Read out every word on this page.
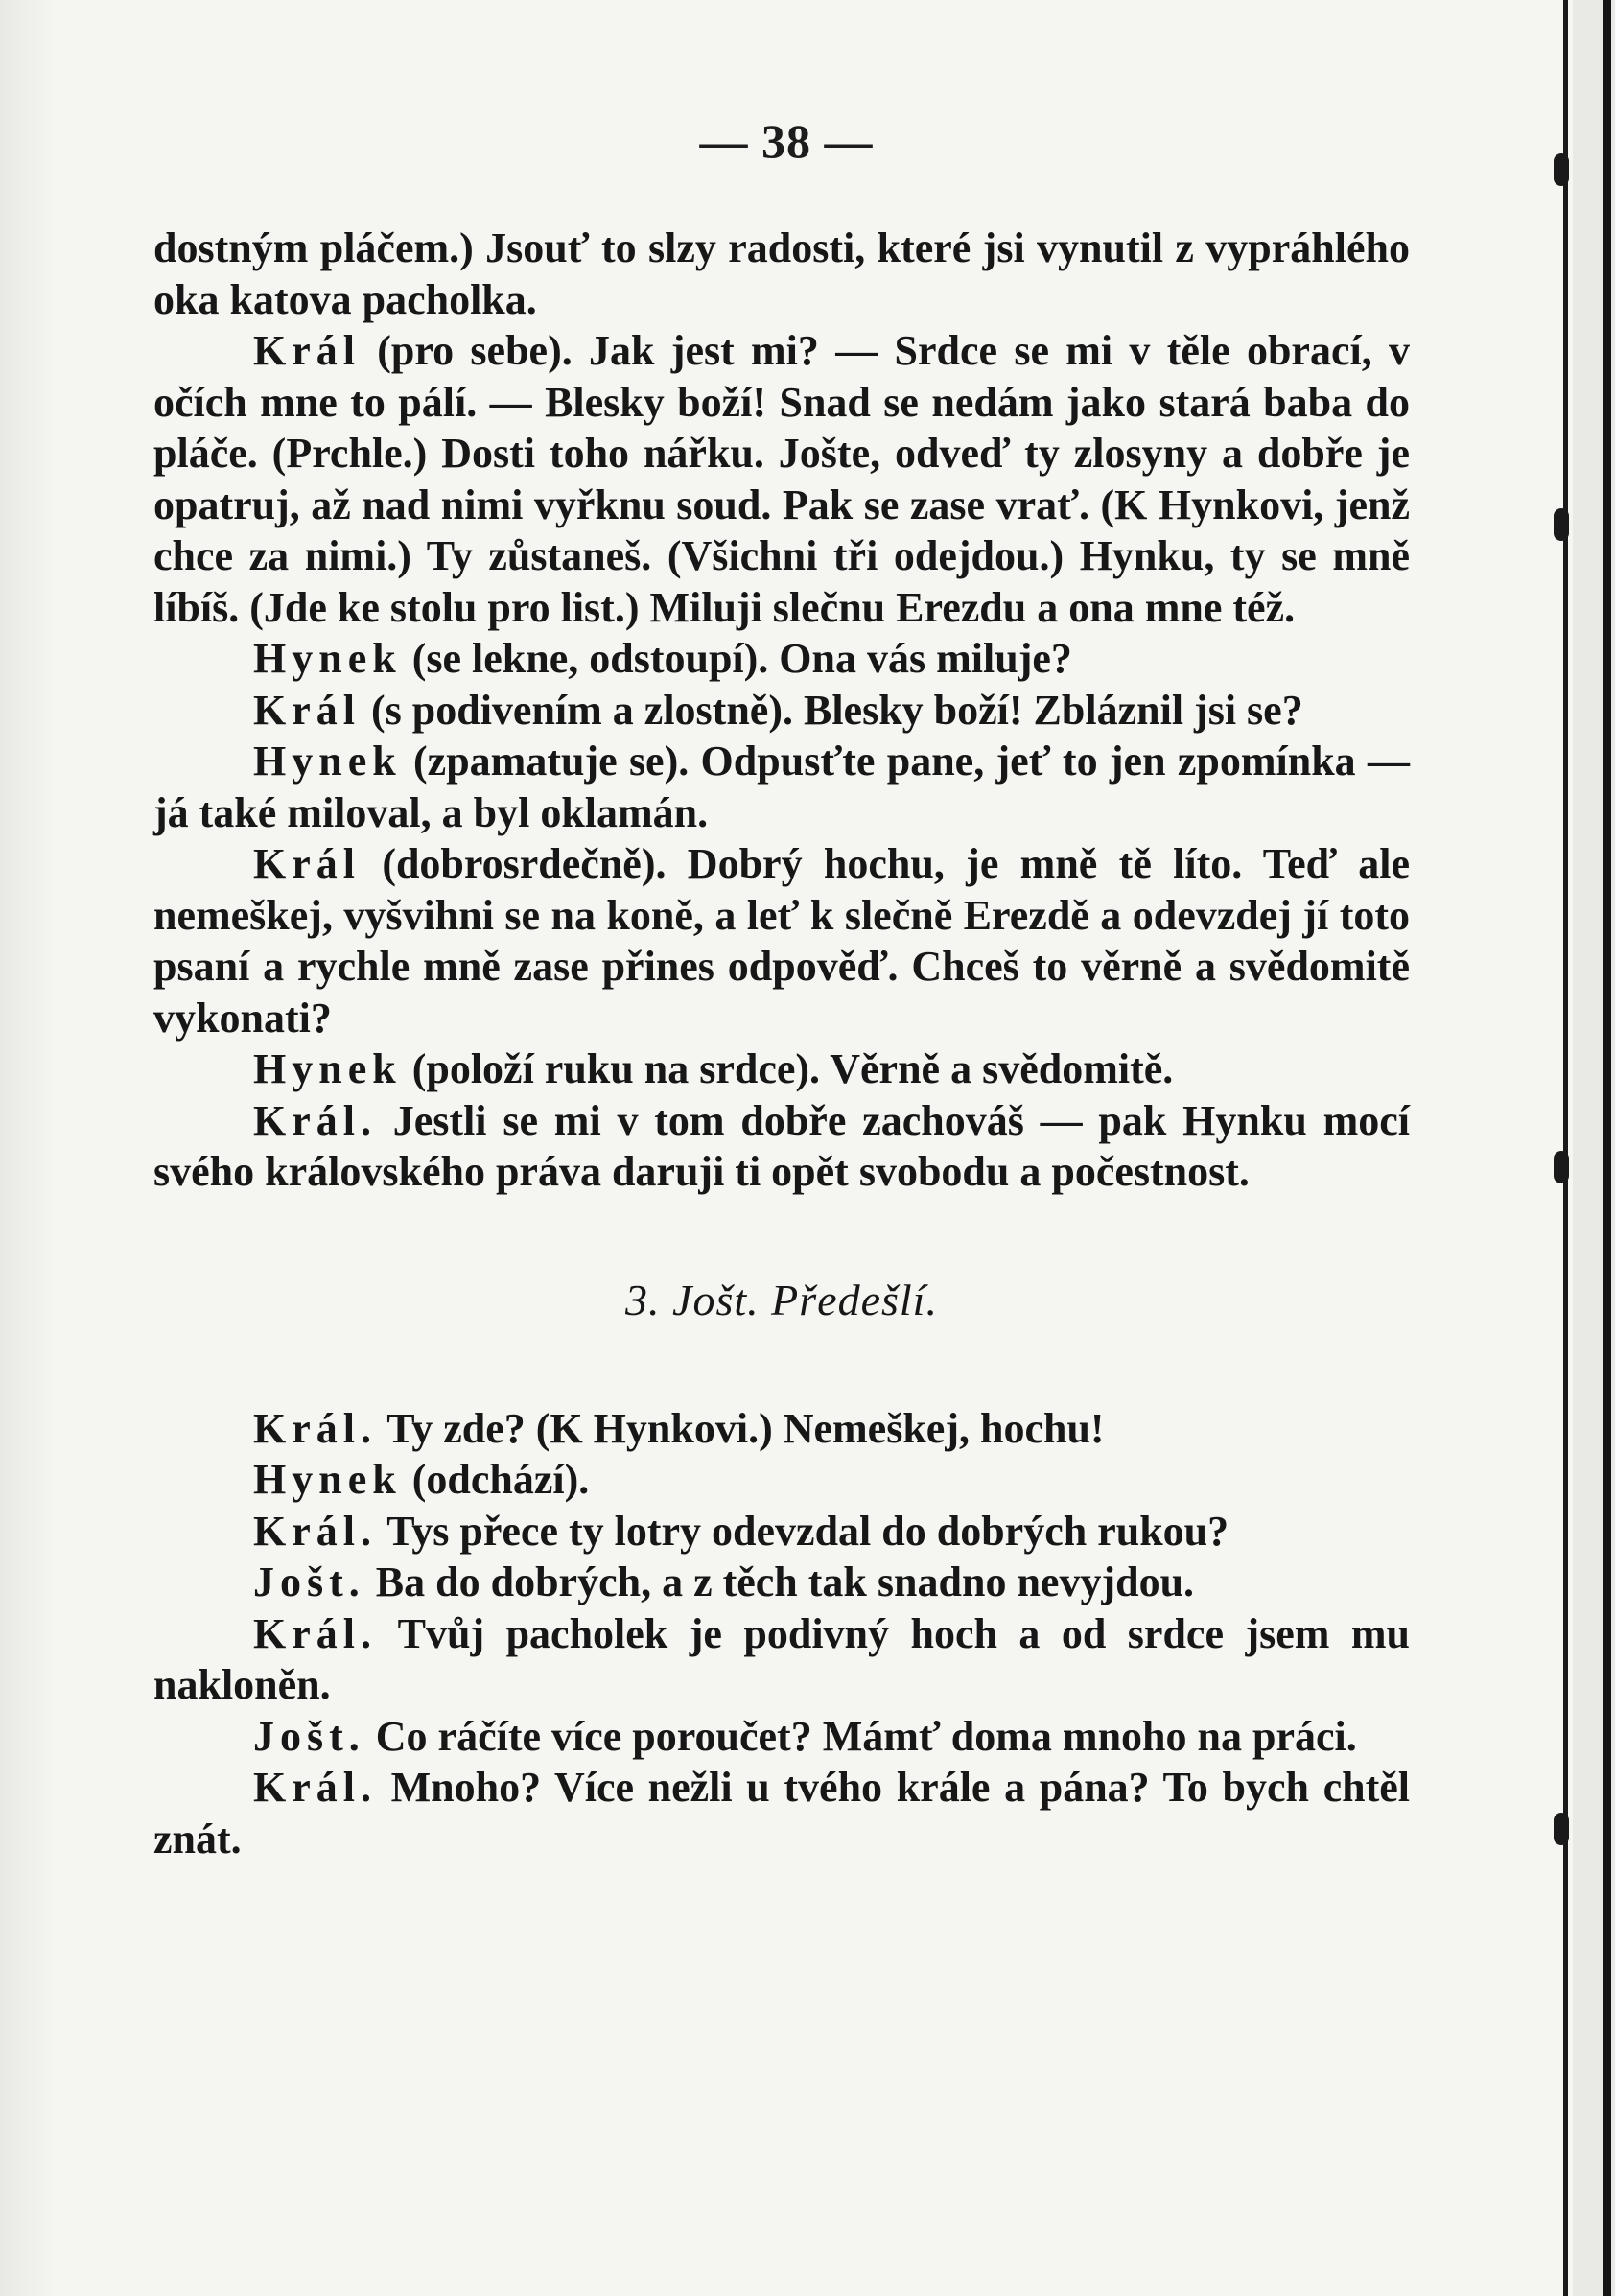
— 38 —

dostným pláčem.) Jsouť to slzy radosti, které jsi vynutil z vypráhlého oka katova pacholka.

Král (pro sebe). Jak jest mi? — Srdce se mi v těle obrací, v očích mne to pálí. — Blesky boží! Snad se nedám jako stará baba do pláče. (Prchle.) Dosti toho nářku. Jošte, odveď ty zlosyny a dobře je opatruj, až nad nimi vyřknu soud. Pak se zase vrať. (K Hynkovi, jenž chce za nimi.) Ty zůstaneš. (Všichni tři odejdou.) Hynku, ty se mně líbíš. (Jde ke stolu pro list.) Miluji slečnu Erezdu a ona mne též.

Hynek (se lekne, odstoupí). Ona vás miluje?

Král (s podivením a zlostně). Blesky boží! Zbláznil jsi se?

Hynek (zpamatuje se). Odpusťte pane, jeť to jen zpomínka — já také miloval, a byl oklamán.

Král (dobrosrdečně). Dobrý hochu, je mně tě líto. Teď ale nemeškej, vyšvihni se na koně, a leť k slečně Erezdě a odevzdej jí toto psaní a rychle mně zase přines odpověď. Chceš to věrně a svědomitě vykonati?

Hynek (položí ruku na srdce). Věrně a svědomitě.

Král. Jestli se mi v tom dobře zachováš — pak Hynku mocí svého královského práva daruji ti opět svobodu a počestnost.

3. Jošt. Předešlí.

Král. Ty zde? (K Hynkovi.) Nemeškej, hochu!

Hynek (odchází).

Král. Tys přece ty lotry odevzdal do dobrých rukou?

Jošt. Ba do dobrých, a z těch tak snadno nevyjdou.

Král. Tvůj pacholek je podivný hoch a od srdce jsem mu nakloněn.

Jošt. Co ráčíte více poroučet? Mámť doma mnoho na práci.

Král. Mnoho? Více nežli u tvého krále a pána? To bych chtěl znát.
